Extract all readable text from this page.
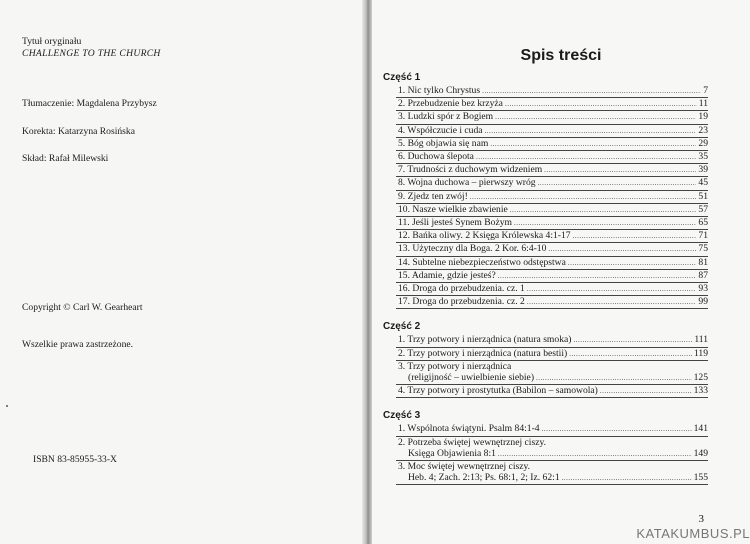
Tytuł oryginału
CHALLENGE TO THE CHURCH
Tłumaczenie: Magdalena Przybysz
Korekta: Katarzyna Rosińska
Skład: Rafał Milewski
Copyright © Carl W. Gearheart
Wszelkie prawa zastrzeżone.
ISBN 83-85955-33-X
Spis treści
Część 1
1. Nic tylko Chrystus .....	7
2. Przebudzenie bez krzyża .....	11
3. Ludzki spór z Bogiem .....	19
4. Współczucie i cuda .....	23
5. Bóg objawia się nam .....	29
6. Duchowa ślepota .....	35
7. Trudności z duchowym widzeniem .....	39
8. Wojna duchowa – pierwszy wróg .....	45
9. Zjedz ten zwój! .....	51
10. Nasze wielkie zbawienie .....	57
11. Jeśli jesteś Synem Bożym .....	65
12. Bańka oliwy. 2 Księga Królewska 4:1-17 .....	71
13. Użyteczny dla Boga. 2 Kor. 6:4-10 .....	75
14. Subtelne niebezpieczeństwo odstępstwa .....	81
15. Adamie, gdzie jesteś? .....	87
16. Droga do przebudzenia. cz. 1 .....	93
17. Droga do przebudzenia. cz. 2 .....	99
Część 2
1. Trzy potwory i nierządnica (natura smoka) .....	111
2. Trzy potwory i nierządnica (natura bestii) .....	119
3. Trzy potwory i nierządnica
(religijność – uwielbienie siebie) .....	125
4. Trzy potwory i prostytutka (Babilon – samowola) .....	133
Część 3
1. Wspólnota świątyni. Psalm 84:1-4 .....	141
2. Potrzeba świętej wewnętrznej ciszy.
Księga Objawienia 8:1 .....	149
3. Moc świętej wewnętrznej ciszy.
Heb. 4; Zach. 2:13; Ps. 68:1, 2; Iz. 62:1 .....	155
3
KATAKUMBUS.PL
